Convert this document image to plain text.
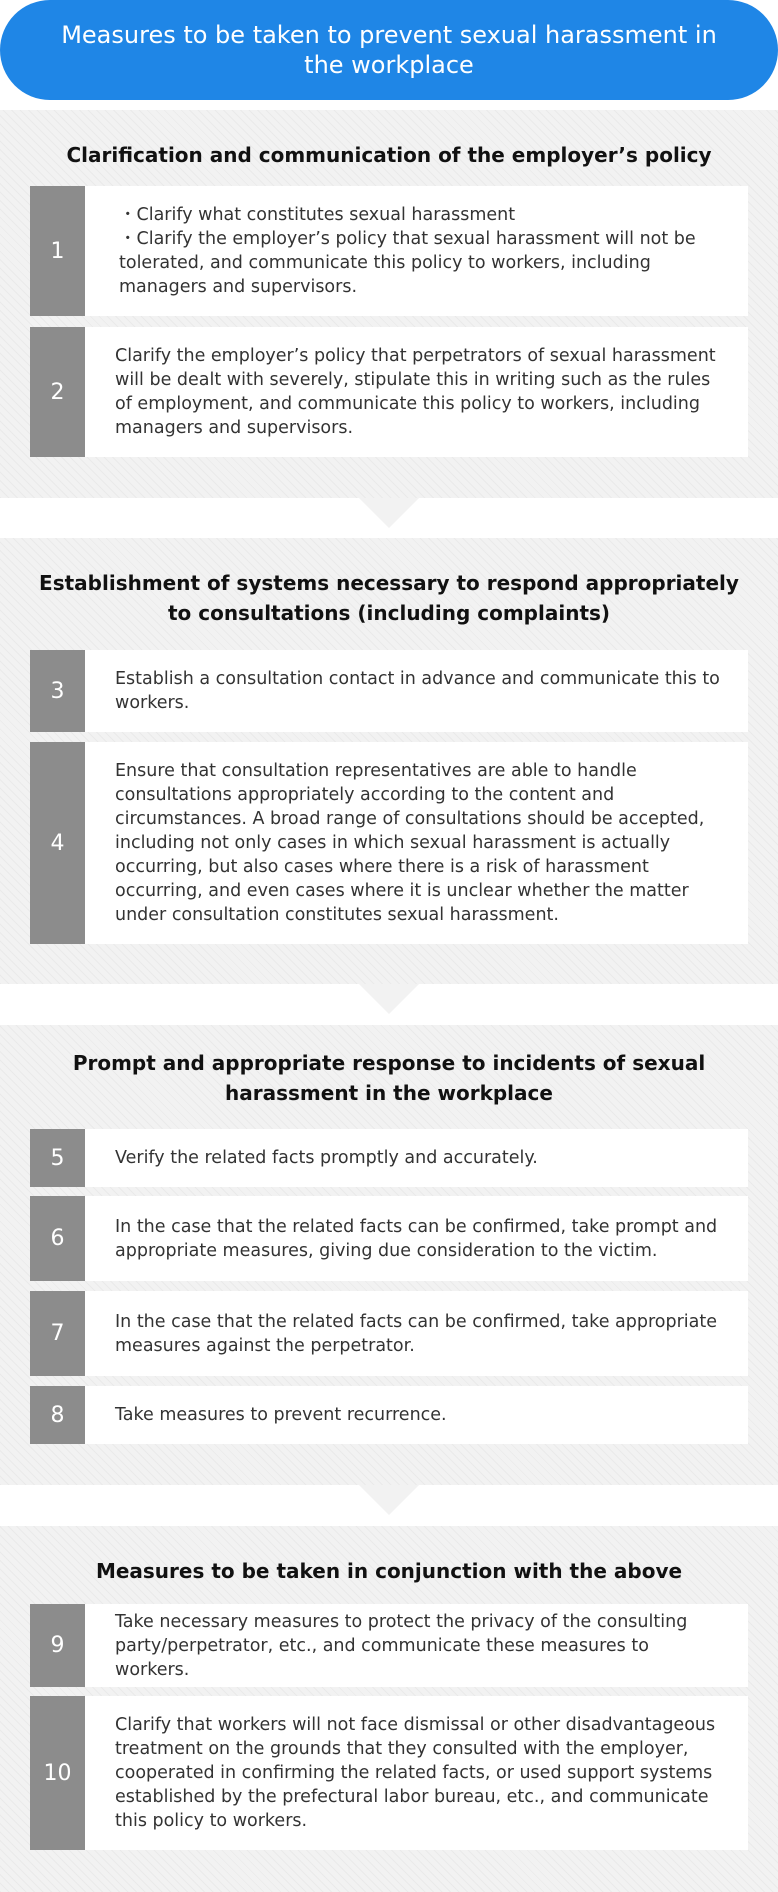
Measures to be taken to prevent sexual harassment in the workplace
Clarification and communication of the employer’s policy
1
・Clarify what constitutes sexual harassment
・Clarify the employer’s policy that sexual harassment will not be tolerated, and communicate this policy to workers, including managers and supervisors.
2
Clarify the employer’s policy that perpetrators of sexual harassment will be dealt with severely, stipulate this in writing such as the rules of employment, and communicate this policy to workers, including managers and supervisors.
Establishment of systems necessary to respond appropriately to consultations (including complaints)
3	Establish a consultation contact in advance and communicate this to workers.
4
Ensure that consultation representatives are able to handle consultations appropriately according to the content and circumstances. A broad range of consultations should be accepted, including not only cases in which sexual harassment is actually occurring, but also cases where there is a risk of harassment occurring, and even cases where it is unclear whether the matter under consultation constitutes sexual harassment.
Prompt and appropriate response to incidents of sexual harassment in the workplace
5	Verify the related facts promptly and accurately.
6	In the case that the related facts can be confirmed, take prompt and appropriate measures, giving due consideration to the victim.
7	In the case that the related facts can be confirmed, take appropriate measures against the perpetrator.
8	Take measures to prevent recurrence.
Measures to be taken in conjunction with the above
9
Take necessary measures to protect the privacy of the consulting party/perpetrator, etc., and communicate these measures to workers.
10
Clarify that workers will not face dismissal or other disadvantageous treatment on the grounds that they consulted with the employer, cooperated in confirming the related facts, or used support systems established by the prefectural labor bureau, etc., and communicate this policy to workers.
